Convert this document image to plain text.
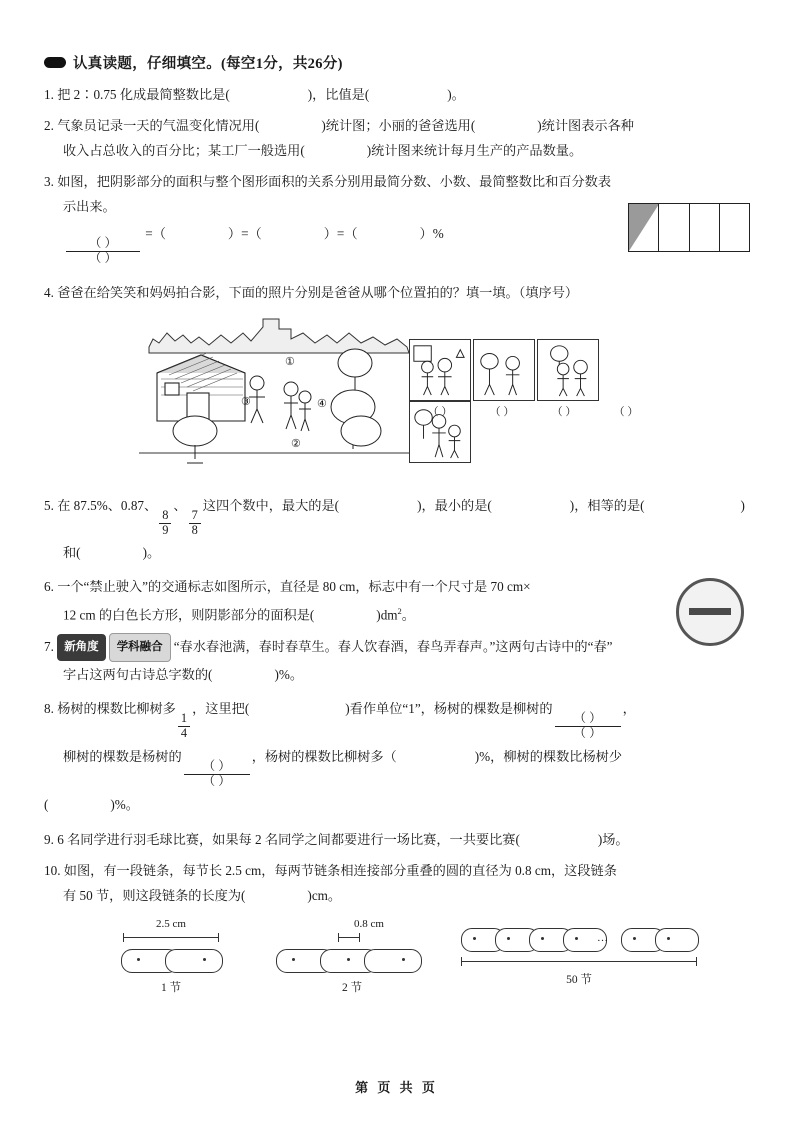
认真读题，仔细填空。(每空1分，共26分)
1. 把 2∶0.75 化成最简整数比是(	)，比值是(	)。
2. 气象员记录一天的气温变化情况用(	)统计图；小丽的爸爸选用(	)统计图表示各种
收入占总收入的百分比；某工厂一般选用(	)统计图来统计每月生产的产品数量。
3. 如图，把阴影部分的面积与整个图形面积的关系分别用最简分数、小数、最简整数比和百分数表
示出来。
$\frac{( )}{( )}$
=（	）=（	）=（	）%

4. 爸爸在给笑笑和妈妈拍合影，下面的照片分别是爸爸从哪个位置拍的？填一填。（填序号）
①
②
③	④
（ ）	（ ）	（ ）	（ ）
5. 在 87.5%、0.87、
$\frac{8}{9}$
、
$\frac{7}{8}$
这四个数中，最大的是(	)，最小的是(	)，相等的是(	)
和(	)。
6. 一个“禁止驶入”的交通标志如图所示，直径是 80 cm，标志中有一个尺寸是 70 cm×
12 cm 的白色长方形，则阴影部分的面积是(	)$dm^2$。
7. 新角度 学科融合 “春水春池满，春时春草生。春人饮春酒，春鸟弄春声。”这两句古诗中的“春”
字占这两句古诗总字数的(	)%。
8. 杨树的棵数比柳树多
$\frac{1}{4}$
，这里把(	)看作单位“1”，杨树的棵数是柳树的
$\frac{( )}{( )}$
，
柳树的棵数是杨树的
$\frac{( )}{( )}$
，杨树的棵数比柳树多（	)%，柳树的棵数比杨树少
(	)%。
9. 6 名同学进行羽毛球比赛，如果每 2 名同学之间都要进行一场比赛，一共要比赛(	)场。
10. 如图，有一段链条，每节长 2.5 cm，每两节链条相连接部分重叠的圆的直径为 0.8 cm，这段链条
有 50 节，则这段链条的长度为(	)cm。
2.5 cm
1 节
0.8 cm
2 节
…
50 节
第 页 共 页
